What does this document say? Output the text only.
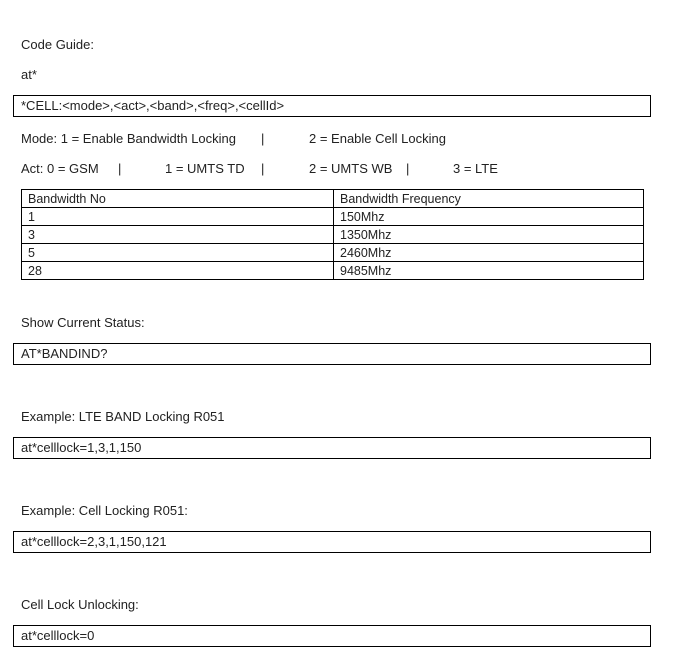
Code Guide:
at*
*CELL:<mode>,<act>,<band>,<freq>,<cellId>
Mode: 1 = Enable Bandwidth Locking |	2 = Enable Cell Locking
Act: 0 = GSM |	1 = UMTS TD |	2 = UMTS WB |	3 = LTE
Bandwidth No	Bandwidth Frequency
1	150Mhz
3	1350Mhz
5	2460Mhz
28	9485Mhz
Show Current Status:
AT*BANDIND?
Example: LTE BAND Locking R051
at*celllock=1,3,1,150
Example: Cell Locking R051:
at*celllock=2,3,1,150,121
Cell Lock Unlocking:
at*celllock=0
